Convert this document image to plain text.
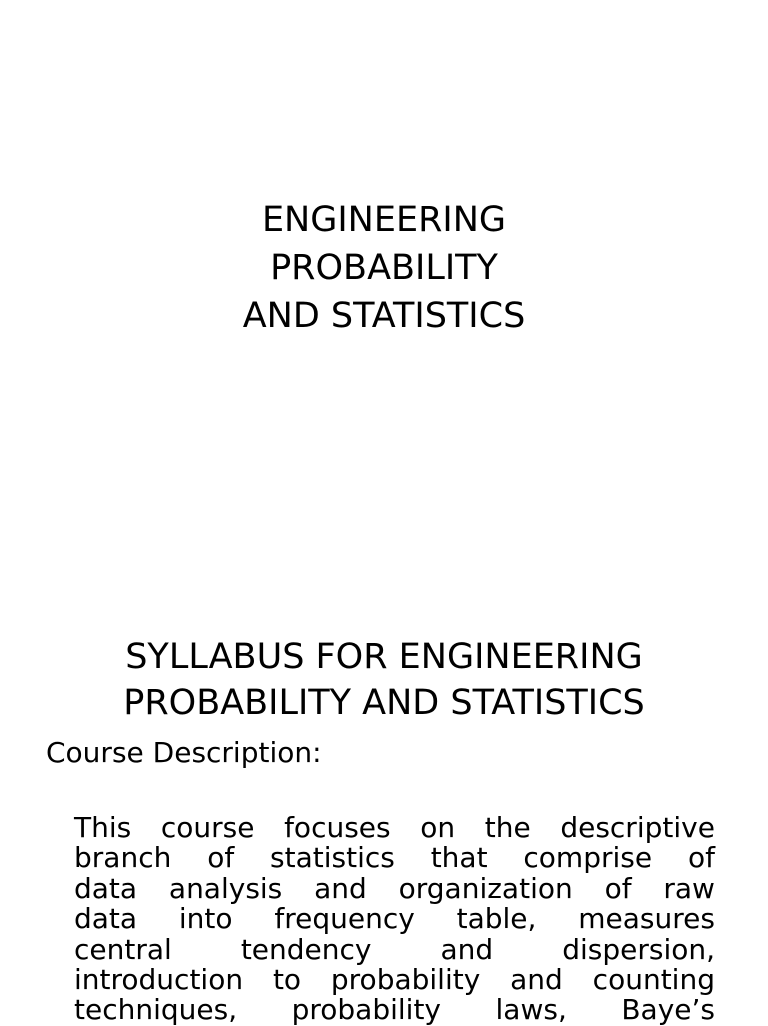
ENGINEERING
PROBABILITY
AND STATISTICS
SYLLABUS FOR ENGINEERING
PROBABILITY AND STATISTICS
Course Description:
This course focuses on the descriptive
branch of statistics that comprise of
data analysis and organization of raw
data into frequency table, measures
central tendency and dispersion,
introduction to probability and counting
techniques, probability laws, Baye’s
